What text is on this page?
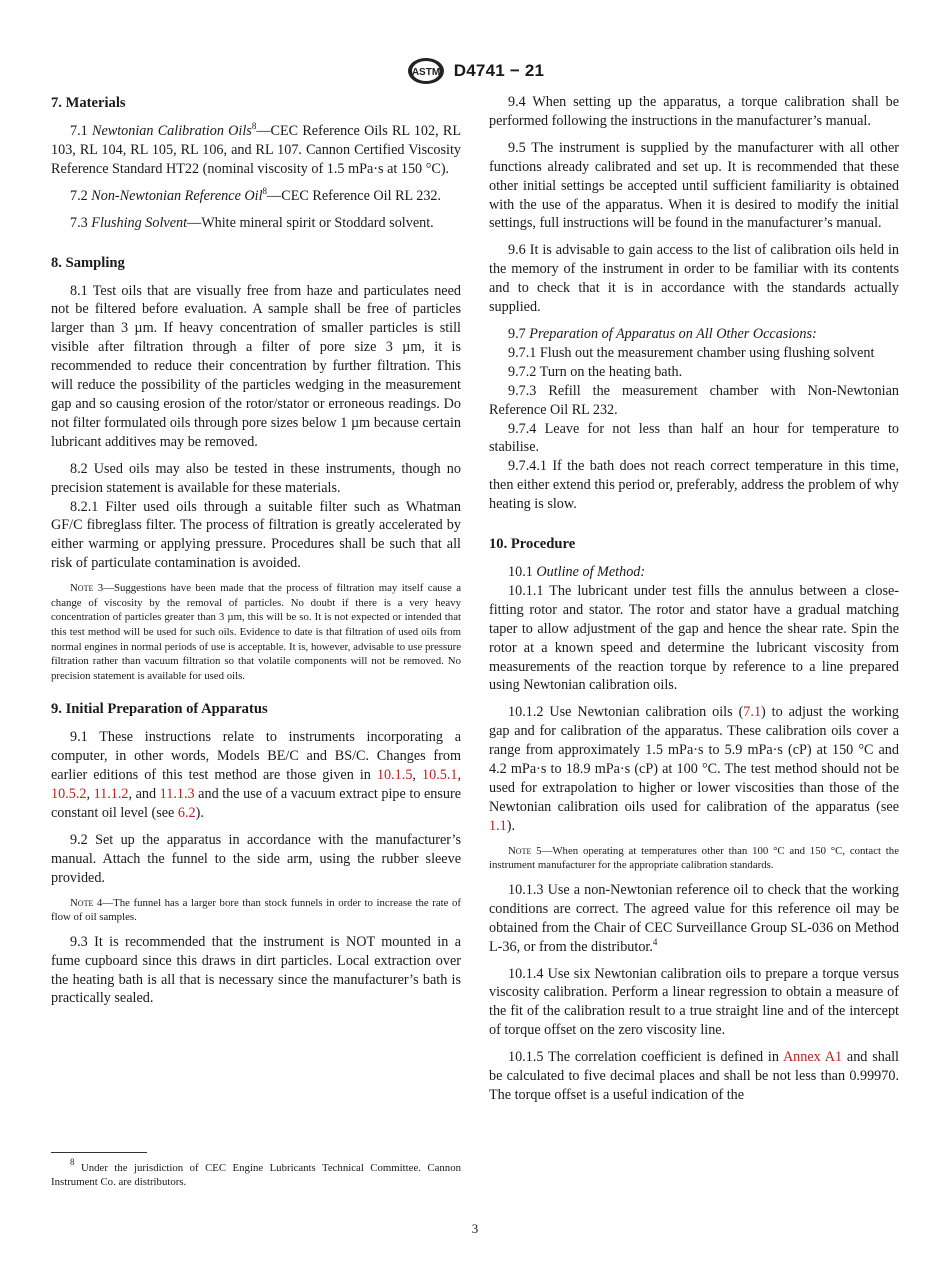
ASTM D4741 − 21
7. Materials

7.1 Newtonian Calibration Oils$^8$—CEC Reference Oils RL 102, RL 103, RL 104, RL 105, RL 106, and RL 107. Cannon Certified Viscosity Reference Standard HT22 (nominal viscosity of 1.5 mPa·s at 150 °C).

7.2 Non-Newtonian Reference Oil$^8$—CEC Reference Oil RL 232.

7.3 Flushing Solvent—White mineral spirit or Stoddard solvent.

8. Sampling

8.1 Test oils that are visually free from haze and particulates need not be filtered before evaluation. A sample shall be free of particles larger than 3 µm. If heavy concentration of smaller particles is still visible after filtration through a filter of pore size 3 µm, it is recommended to reduce their concentration by further filtration. This will reduce the possibility of the particles wedging in the measurement gap and so causing erosion of the rotor/stator or erroneous readings. Do not filter formulated oils through pore sizes below 1 µm because certain lubricant additives may be removed.

8.2 Used oils may also be tested in these instruments, though no precision statement is available for these materials.

8.2.1 Filter used oils through a suitable filter such as Whatman GF/C fibreglass filter. The process of filtration is greatly accelerated by either warming or applying pressure. Procedures shall be such that all risk of particulate contamination is avoided.

Note 3—Suggestions have been made that the process of filtration may itself cause a change of viscosity by the removal of particles. No doubt if there is a very heavy concentration of particles greater than 3 µm, this will be so. It is not expected or intended that this test method will be used for such oils. Evidence to date is that filtration of used oils from normal engines in normal periods of use is acceptable. It is, however, advisable to use pressure filtration rather than vacuum filtration so that volatile components will not be removed. No precision statement is available for used oils.
9. Initial Preparation of Apparatus

9.1 These instructions relate to instruments incorporating a computer, in other words, Models BE/C and BS/C. Changes from earlier editions of this test method are those given in 10.1.5, 10.5.1, 10.5.2, 11.1.2, and 11.1.3 and the use of a vacuum extract pipe to ensure constant oil level (see 6.2).

9.2 Set up the apparatus in accordance with the manufacturer’s manual. Attach the funnel to the side arm, using the rubber sleeve provided.

Note 4—The funnel has a larger bore than stock funnels in order to increase the rate of flow of oil samples.

9.3 It is recommended that the instrument is NOT mounted in a fume cupboard since this draws in dirt particles. Local extraction over the heating bath is all that is necessary since the manufacturer’s bath is practically sealed.

$^8$ Under the jurisdiction of CEC Engine Lubricants Technical Committee. Cannon Instrument Co. are distributors.

9.4 When setting up the apparatus, a torque calibration shall be performed following the instructions in the manufacturer’s manual.

9.5 The instrument is supplied by the manufacturer with all other functions already calibrated and set up. It is recommended that these other initial settings be accepted until sufficient familiarity is obtained with the use of the apparatus. When it is desired to modify the initial settings, full instructions will be found in the manufacturer’s manual.

9.6 It is advisable to gain access to the list of calibration oils held in the memory of the instrument in order to be familiar with its contents and to check that it is in accordance with the standards actually supplied.

9.7 Preparation of Apparatus on All Other Occasions:

9.7.1 Flush out the measurement chamber using flushing solvent

9.7.2 Turn on the heating bath.

9.7.3 Refill the measurement chamber with Non-Newtonian Reference Oil RL 232.

9.7.4 Leave for not less than half an hour for temperature to stabilise.

9.7.4.1 If the bath does not reach correct temperature in this time, then either extend this period or, preferably, address the problem of why heating is slow.

10. Procedure

10.1 Outline of Method:

10.1.1 The lubricant under test fills the annulus between a close-fitting rotor and stator. The rotor and stator have a gradual matching taper to allow adjustment of the gap and hence the shear rate. Spin the rotor at a known speed and determine the lubricant viscosity from measurements of the reaction torque by reference to a line prepared using Newtonian calibration oils.

10.1.2 Use Newtonian calibration oils (7.1) to adjust the working gap and for calibration of the apparatus. These calibration oils cover a range from approximately 1.5 mPa·s to 5.9 mPa·s (cP) at 150 °C and 4.2 mPa·s to 18.9 mPa·s (cP) at 100 °C. The test method should not be used for extrapolation to higher or lower viscosities than those of the Newtonian calibration oils used for calibration of the apparatus (see 1.1).

Note 5—When operating at temperatures other than 100 °C and 150 °C, contact the instrument manufacturer for the appropriate calibration standards.

10.1.3 Use a non-Newtonian reference oil to check that the working conditions are correct. The agreed value for this reference oil may be obtained from the Chair of CEC Surveillance Group SL-036 on Method L-36, or from the distributor.$^4$

10.1.4 Use six Newtonian calibration oils to prepare a torque versus viscosity calibration. Perform a linear regression to obtain a measure of the fit of the calibration result to a true straight line and of the intercept of torque offset on the zero viscosity line.

10.1.5 The correlation coefficient is defined in Annex A1 and shall be calculated to five decimal places and shall be not less than 0.99970. The torque offset is a useful indication of the

3
